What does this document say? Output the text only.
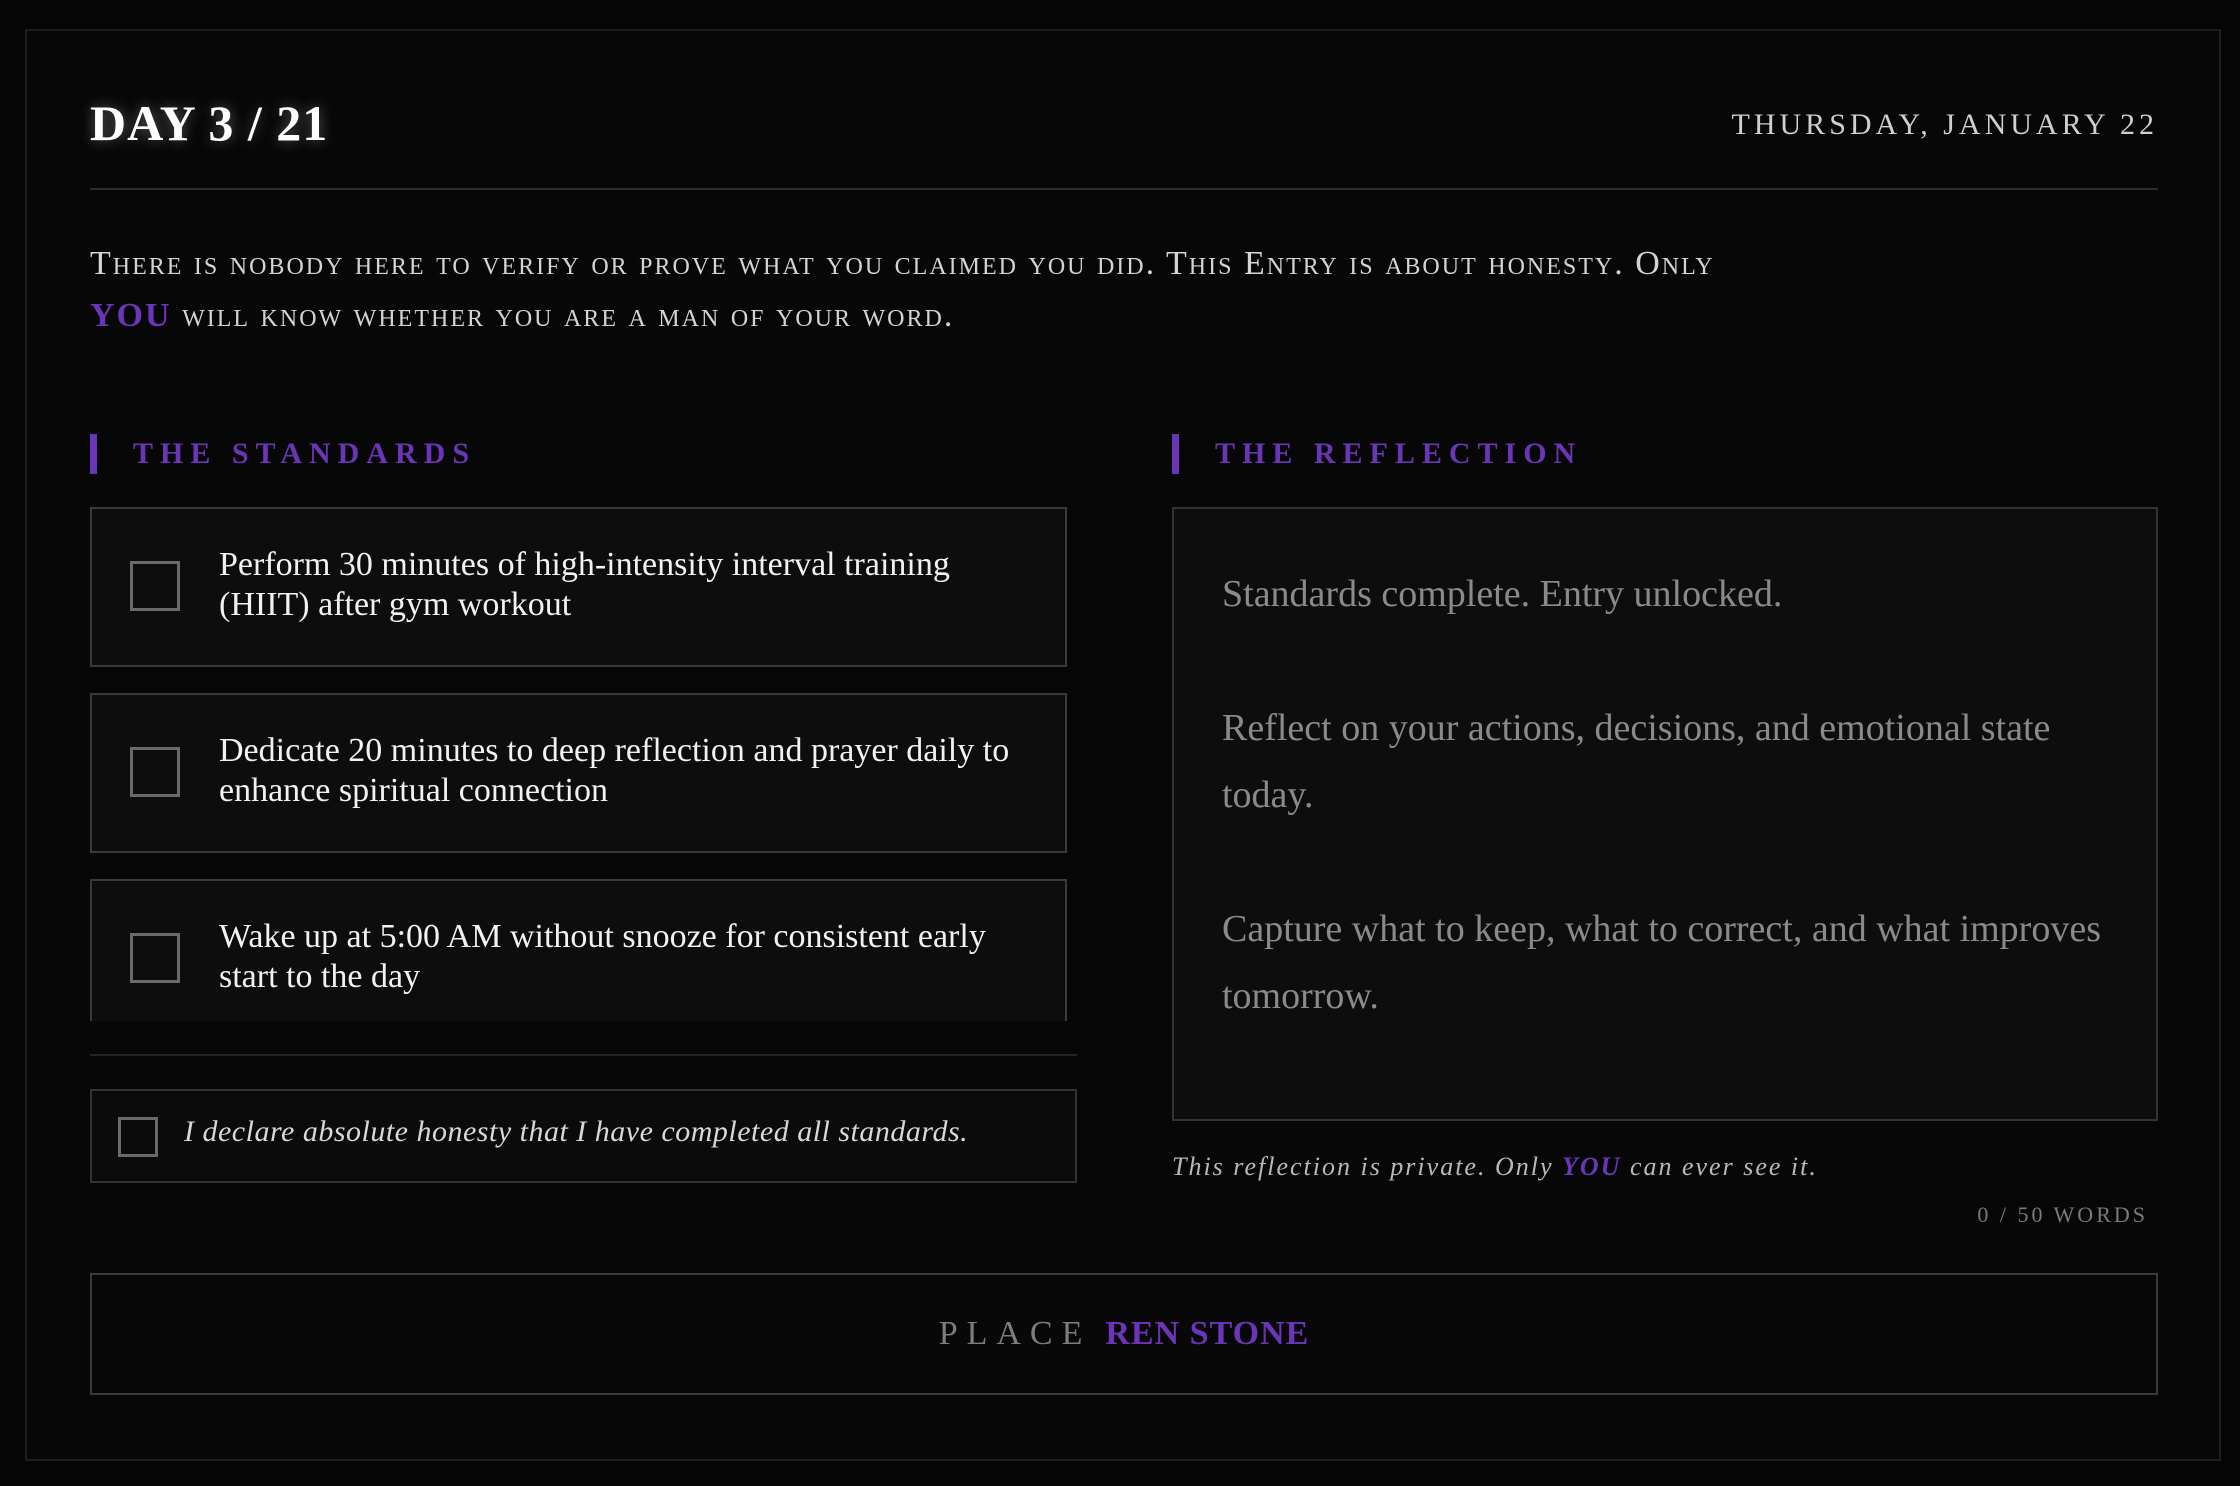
DAY 3 / 21	THURSDAY, JANUARY 22
There is nobody here to verify or prove what you claimed you did. This Entry is about honesty. Only
YOU will know whether you are a man of your word.
THE STANDARDS	THE REFLECTION
Perform 30 minutes of high-intensity interval training (HIIT) after gym workout
Dedicate 20 minutes to deep reflection and prayer daily to enhance spiritual connection
Wake up at 5:00 AM without snooze for consistent early start to the day
I declare absolute honesty that I have completed all standards.
Standards complete. Entry unlocked.

Reflect on your actions, decisions, and emotional state today.

Capture what to keep, what to correct, and what improves tomorrow.
This reflection is private. Only YOU can ever see it.
0 / 50 WORDS
PLACE REN STONE
